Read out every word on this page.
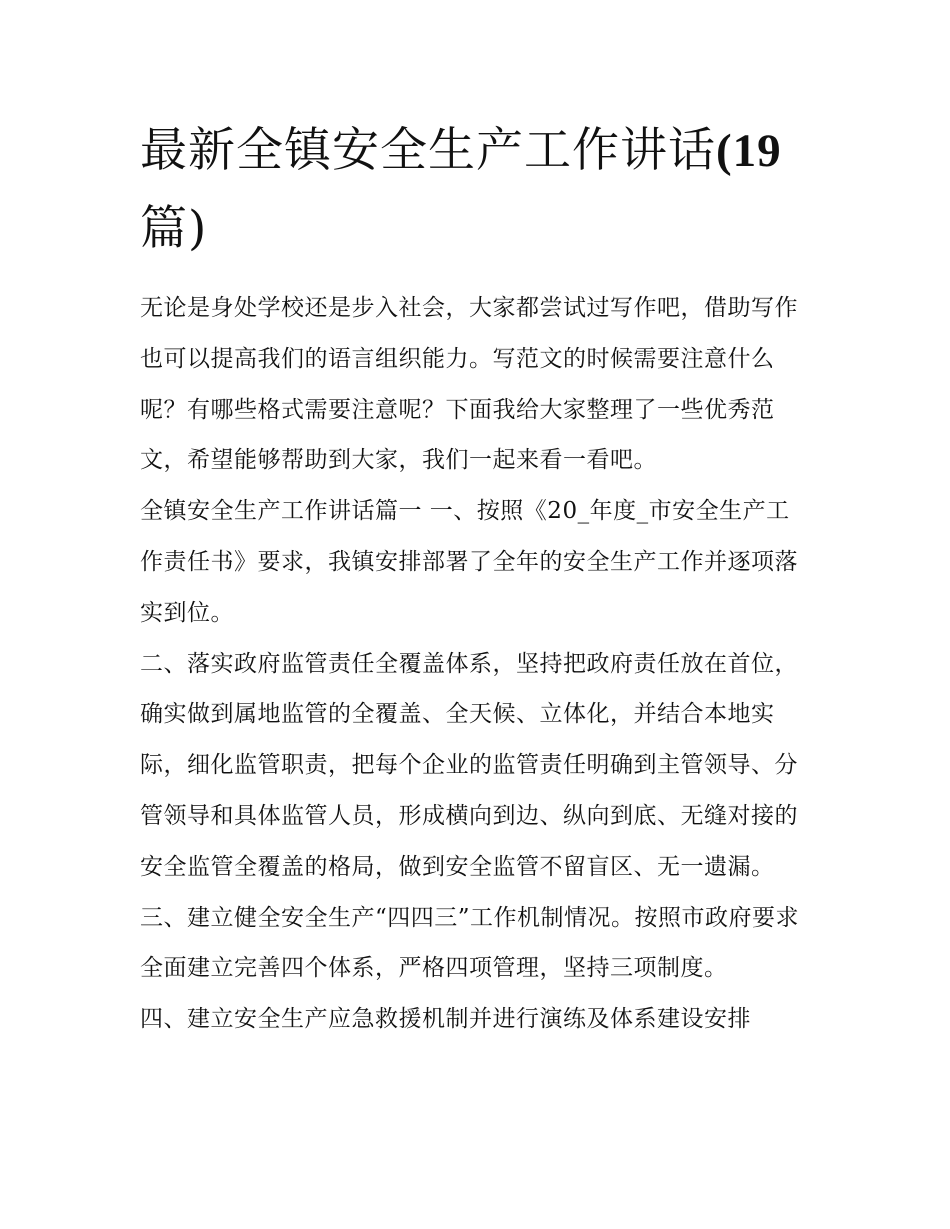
最新全镇安全生产工作讲话(19
篇)

无论是身处学校还是步入社会，大家都尝试过写作吧，借助写作也可以提高我们的语言组织能力。写范文的时候需要注意什么呢？有哪些格式需要注意呢？下面我给大家整理了一些优秀范文，希望能够帮助到大家，我们一起来看一看吧。

全镇安全生产工作讲话篇一 一、按照《20_年度_市安全生产工作责任书》要求，我镇安排部署了全年的安全生产工作并逐项落实到位。

二、落实政府监管责任全覆盖体系，坚持把政府责任放在首位，确实做到属地监管的全覆盖、全天候、立体化，并结合本地实际，细化监管职责，把每个企业的监管责任明确到主管领导、分管领导和具体监管人员，形成横向到边、纵向到底、无缝对接的安全监管全覆盖的格局，做到安全监管不留盲区、无一遗漏。

三、建立健全安全生产“四四三”工作机制情况。按照市政府要求全面建立完善四个体系，严格四项管理，坚持三项制度。

四、建立安全生产应急救援机制并进行演练及体系建设安排
